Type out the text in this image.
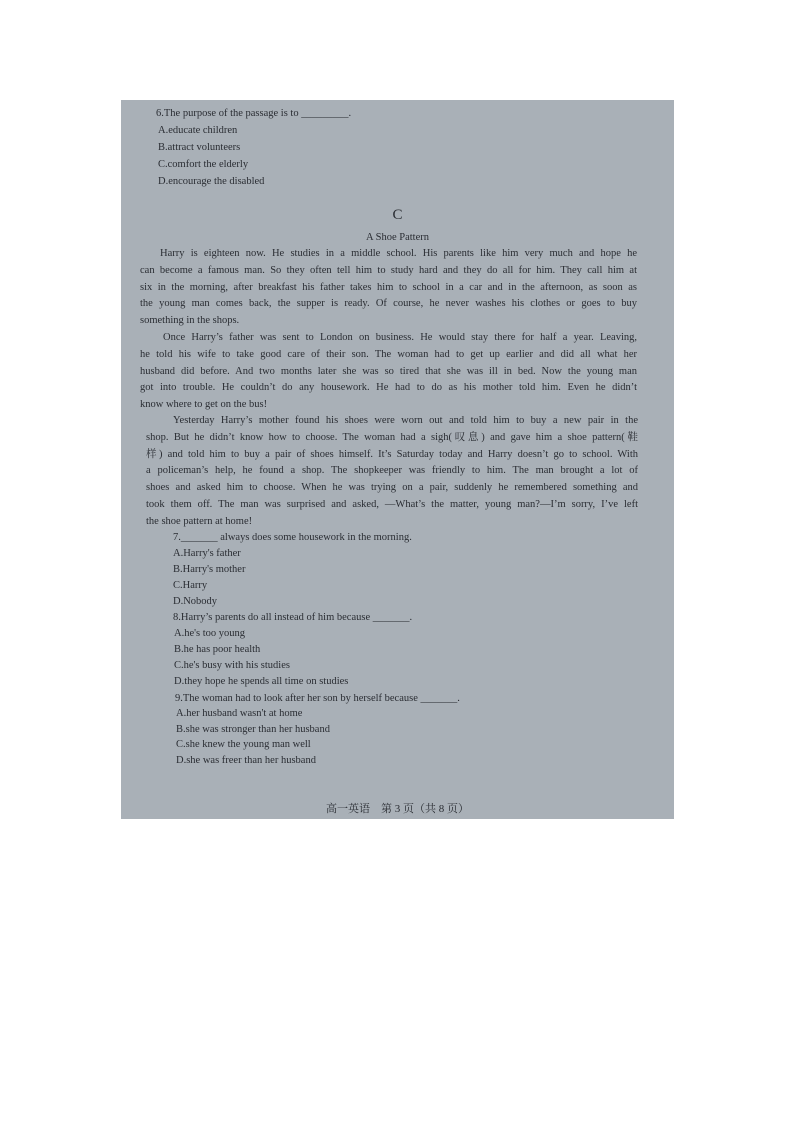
6.The purpose of the passage is to _________.
A.educate children
B.attract volunteers
C.comfort the elderly
D.encourage the disabled
C
A Shoe Pattern
Harry is eighteen now. He studies in a middle school. His parents like him very much and hope he
can become a famous man. So they often tell him to study hard and they do all for him. They call him at
six in the morning, after breakfast his father takes him to school in a car and in the afternoon, as soon as
the young man comes back, the supper is ready. Of course, he never washes his clothes or goes to buy
something in the shops.
Once Harry’s father was sent to London on business. He would stay there for half a year. Leaving,
he told his wife to take good care of their son. The woman had to get up earlier and did all what her
husband did before. And two months later she was so tired that she was ill in bed. Now the young man
got into trouble. He couldn’t do any housework. He had to do as his mother told him. Even he didn’t
know where to get on the bus!
Yesterday Harry’s mother found his shoes were worn out and told him to buy a new pair in the
shop. But he didn’t know how to choose. The woman had a sigh(叹息) and gave him a shoe pattern(鞋
样) and told him to buy a pair of shoes himself. It’s Saturday today and Harry doesn’t go to school. With
a policeman’s help, he found a shop. The shopkeeper was friendly to him. The man brought a lot of
shoes and asked him to choose. When he was trying on a pair, suddenly he remembered something and
took them off. The man was surprised and asked, —What’s the matter, young man?—I’m sorry, I’ve left
the shoe pattern at home!
7._______ always does some housework in the morning.
A.Harry's father
B.Harry's mother
C.Harry
D.Nobody
8.Harry’s parents do all instead of him because _______.
A.he's too young
B.he has poor health
C.he's busy with his studies
D.they hope he spends all time on studies
9.The woman had to look after her son by herself because _______.
A.her husband wasn't at home
B.she was stronger than her husband
C.she knew the young man well
D.she was freer than her husband
高一英语　第 3 页（共 8 页）
